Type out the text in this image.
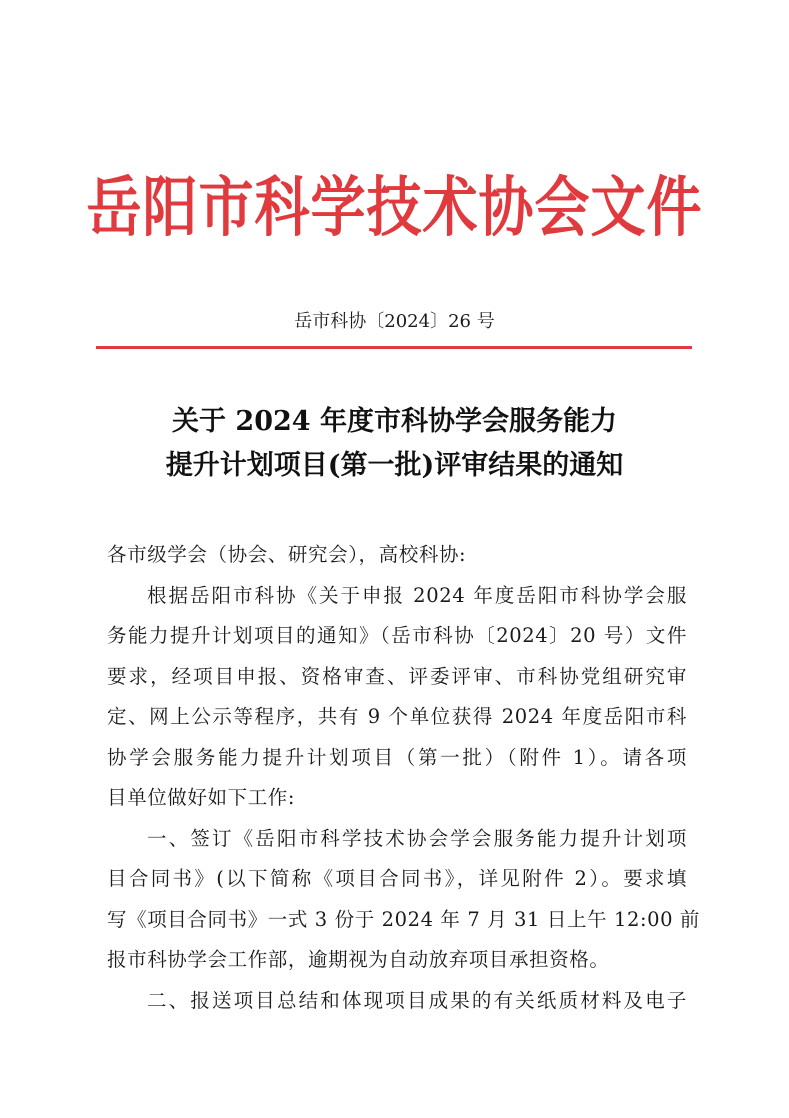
岳阳市科学技术协会文件
岳市科协〔2024〕26 号
关于 2024 年度市科协学会服务能力
提升计划项目(第一批)评审结果的通知
各市级学会（协会、研究会），高校科协:
根据岳阳市科协《关于申报 2024 年度岳阳市科协学会服
务能力提升计划项目的通知》（岳市科协〔2024〕20 号）文件
要求，经项目申报、资格审查、评委评审、市科协党组研究审
定、网上公示等程序，共有 9 个单位获得 2024 年度岳阳市科
协学会服务能力提升计划项目（第一批）（附件 1）。请各项
目单位做好如下工作:
一、签订《岳阳市科学技术协会学会服务能力提升计划项
目合同书》(以下简称《项目合同书》，详见附件 2）。要求填
写《项目合同书》一式 3 份于 2024 年 7 月 31 日上午 12:00 前
报市科协学会工作部，逾期视为自动放弃项目承担资格。
二、报送项目总结和体现项目成果的有关纸质材料及电子
